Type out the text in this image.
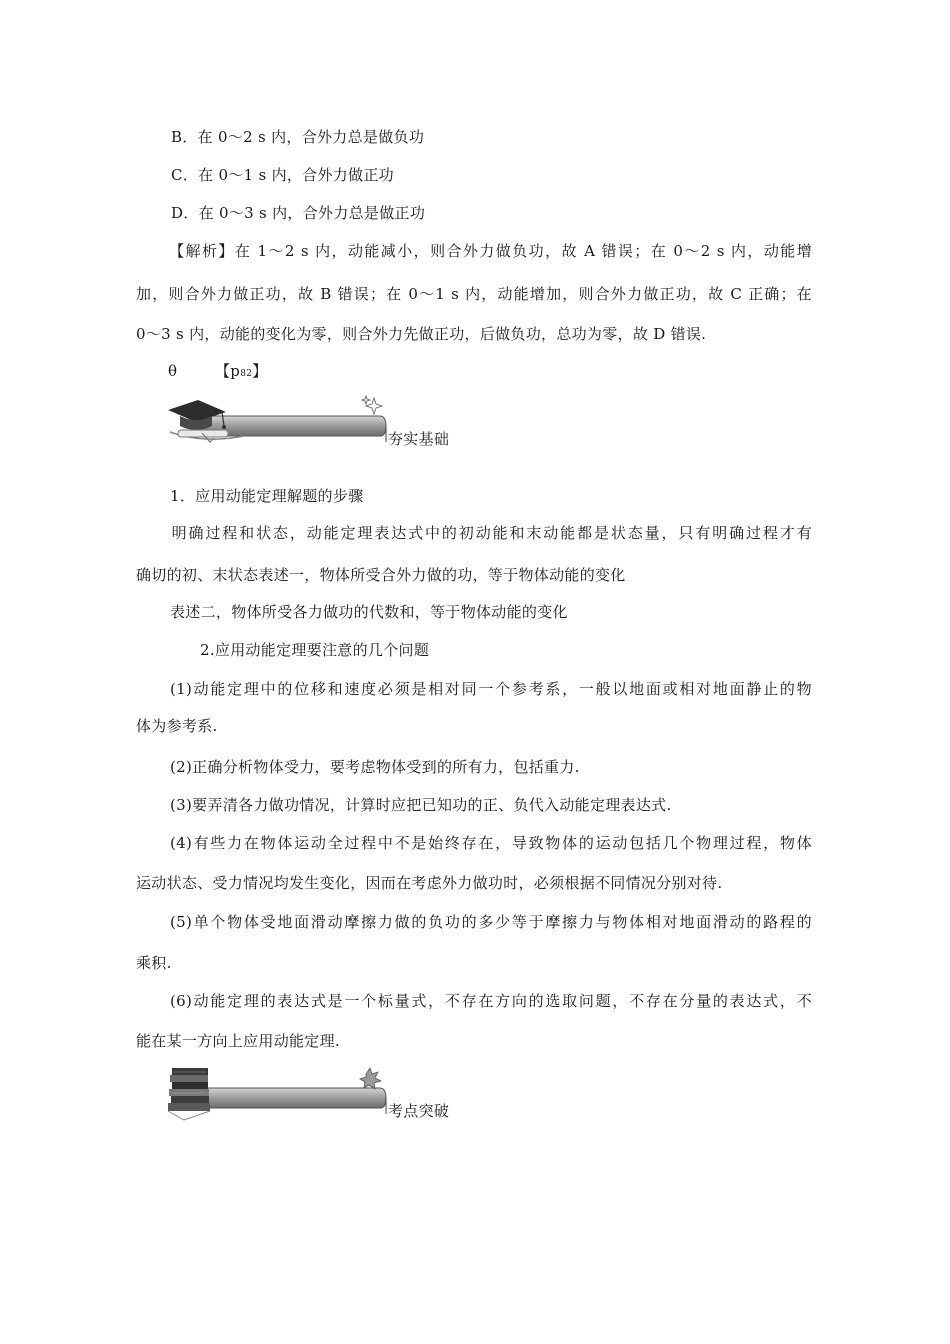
B．在 0～2 s 内，合外力总是做负功
C．在 0～1 s 内，合外力做正功
D．在 0～3 s 内，合外力总是做正功
【解析】在 1～2 s 内，动能减小，则合外力做负功，故 A 错误；在 0～2 s 内，动能增
加，则合外力做正功，故 B 错误；在 0～1 s 内，动能增加，则合外力做正功，故 C 正确；在
0～3 s 内，动能的变化为零，则合外力先做正功，后做负功，总功为零，故 D 错误.
θ	【p82】
夯实基础
1．应用动能定理解题的步骤
明确过程和状态，动能定理表达式中的初动能和末动能都是状态量，只有明确过程才有
确切的初、末状态表述一，物体所受合外力做的功，等于物体动能的变化
表述二，物体所受各力做功的代数和，等于物体动能的变化
2.应用动能定理要注意的几个问题
(1)动能定理中的位移和速度必须是相对同一个参考系，一般以地面或相对地面静止的物
体为参考系.
(2)正确分析物体受力，要考虑物体受到的所有力，包括重力.
(3)要弄清各力做功情况，计算时应把已知功的正、负代入动能定理表达式.
(4)有些力在物体运动全过程中不是始终存在，导致物体的运动包括几个物理过程，物体
运动状态、受力情况均发生变化，因而在考虑外力做功时，必须根据不同情况分别对待.
(5)单个物体受地面滑动摩擦力做的负功的多少等于摩擦力与物体相对地面滑动的路程的
乘积.
(6)动能定理的表达式是一个标量式，不存在方向的选取问题，不存在分量的表达式，不
能在某一方向上应用动能定理.
考点突破
